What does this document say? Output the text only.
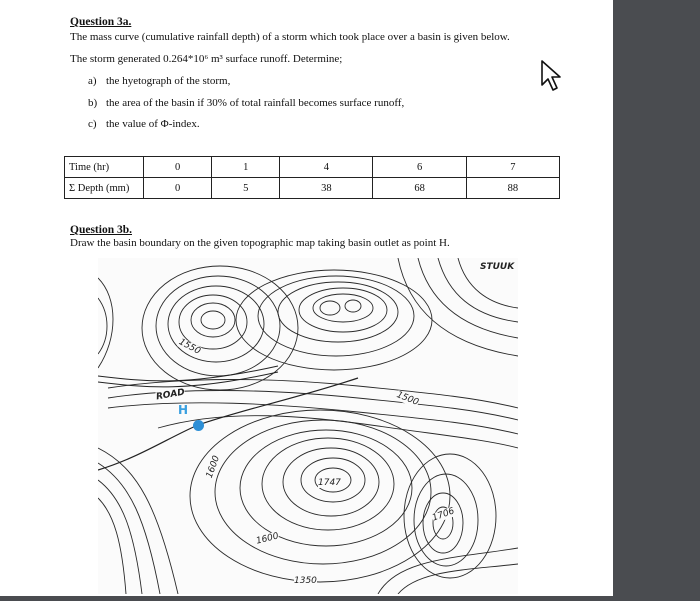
Question 3a.
The mass curve (cumulative rainfall depth) of a storm which took place over a basin is given below.
The storm generated 0.264*10⁶ m³ surface runoff. Determine;
a) the hyetograph of the storm,
b) the area of the basin if 30% of total rainfall becomes surface runoff,
c) the value of Φ-index.
Time (hr)	0	1	4	6	7
Σ Depth (mm)	0	5	38	68	88
Question 3b.
Draw the basin boundary on the given topographic map taking basin outlet as point H.
1550
ROAD	1500
1600
1747
1706
1600
1350
STUUK
H
